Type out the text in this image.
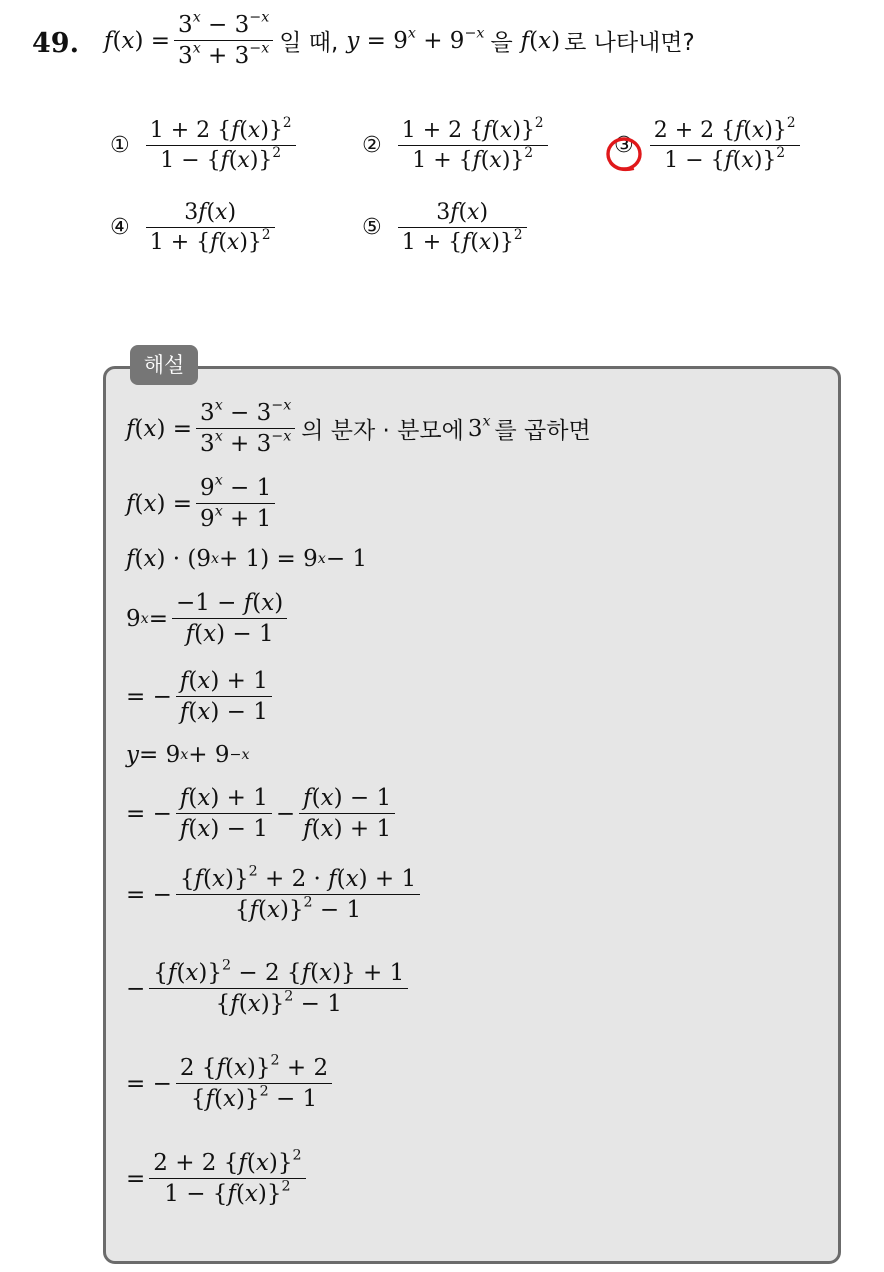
49. f ( x ) = $\frac{3^x - 3^{-x}}{3^x + 3^{-x}}$ 일 때, $y = 9^x + 9^{-x}$ 을 f(x) 로 나타내면?
① $\frac{1 + 2 \{f(x)\}^2}{1 - \{f(x)\}^2}$	② $\frac{1 + 2 \{f(x)\}^2}{1 + \{f(x)\}^2}$	③ $\frac{2 + 2 \{f(x)\}^2}{1 - \{f(x)\}^2}$
④ $\frac{3f(x)}{1 + \{f(x)\}^2}$	⑤ $\frac{3f(x)}{1 + \{f(x)\}^2}$
해설
f ( x ) = $\frac{3^x - 3^{-x}}{3^x + 3^{-x}}$ 의 분자 · 분모에 3$^x$ 를 곱하면
f ( x ) = $\frac{9^x - 1}{9^x + 1}$
f ( x ) · (9 x + 1) = 9 x − 1
9 $x = \frac{-1 - f(x)}{f(x) - 1}$
= − $\frac{f(x) + 1}{f(x) - 1}$
y = 9 x + 9 −x
= − $\frac{f(x) + 1}{f(x) - 1} - \frac{f(x) - 1}{f(x) + 1}$
= − $\frac{\{f(x)\}^2 + 2 \cdot f(x) + 1}{\{f(x)\}^2 - 1}$
− $\frac{\{f(x)\}^2 - 2 \{f(x)\} + 1}{\{f(x)\}^2 - 1}$
= − $\frac{2 \{f(x)\}^2 + 2}{\{f(x)\}^2 - 1}$
= $\frac{2 + 2 \{f(x)\}^2}{1 - \{f(x)\}^2}$
